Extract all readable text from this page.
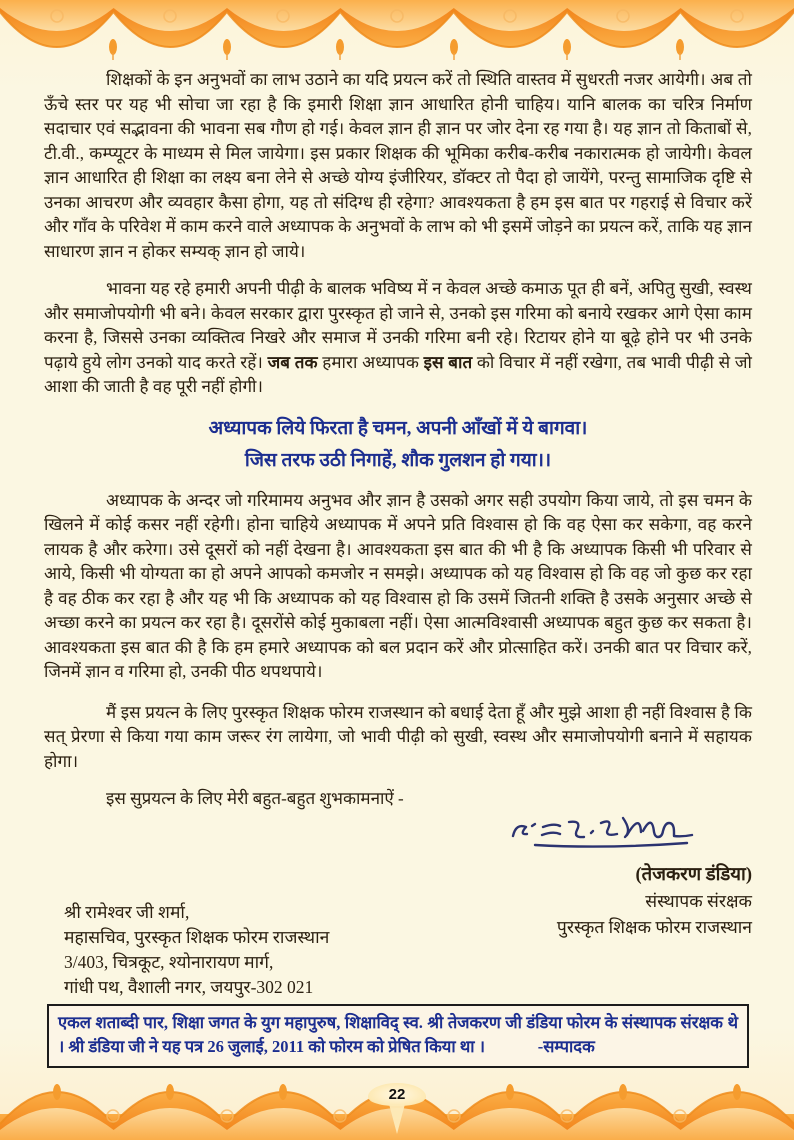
शिक्षकों के इन अनुभवों का लाभ उठाने का यदि प्रयत्न करें तो स्थिति वास्तव में सुधरती नजर आयेगी। अब तो ऊँचे स्तर पर यह भी सोचा जा रहा है कि इमारी शिक्षा ज्ञान आधारित होनी चाहिय। यानि बालक का चरित्र निर्माण सदाचार एवं सद्भावना की भावना सब गौण हो गई। केवल ज्ञान ही ज्ञान पर जोर देना रह गया है। यह ज्ञान तो किताबों से, टी.वी., कम्प्यूटर के माध्यम से मिल जायेगा। इस प्रकार शिक्षक की भूमिका करीब-करीब नकारात्मक हो जायेगी। केवल ज्ञान आधारित ही शिक्षा का लक्ष्य बना लेने से अच्छे योग्य इंजीरियर, डॉक्टर तो पैदा हो जायेंगे, परन्तु सामाजिक दृष्टि से उनका आचरण और व्यवहार कैसा होगा, यह तो संदिग्ध ही रहेगा? आवश्यकता है हम इस बात पर गहराई से विचार करें और गाँव के परिवेश में काम करने वाले अध्यापक के अनुभवों के लाभ को भी इसमें जोड़ने का प्रयत्न करें, ताकि यह ज्ञान साधारण ज्ञान न होकर सम्यक् ज्ञान हो जाये।

भावना यह रहे हमारी अपनी पीढ़ी के बालक भविष्य में न केवल अच्छे कमाऊ पूत ही बनें, अपितु सुखी, स्वस्थ और समाजोपयोगी भी बने। केवल सरकार द्वारा पुरस्कृत हो जाने से, उनको इस गरिमा को बनाये रखकर आगे ऐसा काम करना है, जिससे उनका व्यक्तित्व निखरे और समाज में उनकी गरिमा बनी रहे। रिटायर होने या बूढ़े होने पर भी उनके पढ़ाये हुये लोग उनको याद करते रहें। जब तक हमारा अध्यापक इस बात को विचार में नहीं रखेगा, तब भावी पीढ़ी से जो आशा की जाती है वह पूरी नहीं होगी।

अध्यापक लिये फिरता है चमन, अपनी आँखों में ये बागवा।
जिस तरफ उठी निगाहें, शौक गुलशन हो गया।।

अध्यापक के अन्दर जो गरिमामय अनुभव और ज्ञान है उसको अगर सही उपयोग किया जाये, तो इस चमन के खिलने में कोई कसर नहीं रहेगी। होना चाहिये अध्यापक में अपने प्रति विश्वास हो कि वह ऐसा कर सकेगा, वह करने लायक है और करेगा। उसे दूसरों को नहीं देखना है। आवश्यकता इस बात की भी है कि अध्यापक किसी भी परिवार से आये, किसी भी योग्यता का हो अपने आपको कमजोर न समझे। अध्यापक को यह विश्वास हो कि वह जो कुछ कर रहा है वह ठीक कर रहा है और यह भी कि अध्यापक को यह विश्वास हो कि उसमें जितनी शक्ति है उसके अनुसार अच्छे से अच्छा करने का प्रयत्न कर रहा है। दूसरोंसे कोई मुकाबला नहीं। ऐसा आत्मविश्वासी अध्यापक बहुत कुछ कर सकता है। आवश्यकता इस बात की है कि हम हमारे अध्यापक को बल प्रदान करें और प्रोत्साहित करें। उनकी बात पर विचार करें, जिनमें ज्ञान व गरिमा हो, उनकी पीठ थपथपाये।

मैं इस प्रयत्न के लिए पुरस्कृत शिक्षक फोरम राजस्थान को बधाई देता हूँ और मुझे आशा ही नहीं विश्वास है कि सत् प्रेरणा से किया गया काम जरूर रंग लायेगा, जो भावी पीढ़ी को सुखी, स्वस्थ और समाजोपयोगी बनाने में सहायक होगा।

इस सुप्रयत्न के लिए मेरी बहुत-बहुत शुभकामनाऐं -

(तेजकरण डंडिया)
संस्थापक संरक्षक
पुरस्कृत शिक्षक फोरम राजस्थान
श्री रामेश्वर जी शर्मा,
महासचिव, पुरस्कृत शिक्षक फोरम राजस्थान
3/403, चित्रकूट, श्योनारायण मार्ग,
गांधी पथ, वैशाली नगर, जयपुर-302 021
एकल शताब्दी पार, शिक्षा जगत के युग महापुरुष, शिक्षाविद् स्व. श्री तेजकरण जी डंडिया फोरम के संस्थापक संरक्षक थे । श्री डंडिया जी ने यह पत्र 26 जुलाई, 2011 को फोरम को प्रेषित किया था ।	-सम्पादक
22
